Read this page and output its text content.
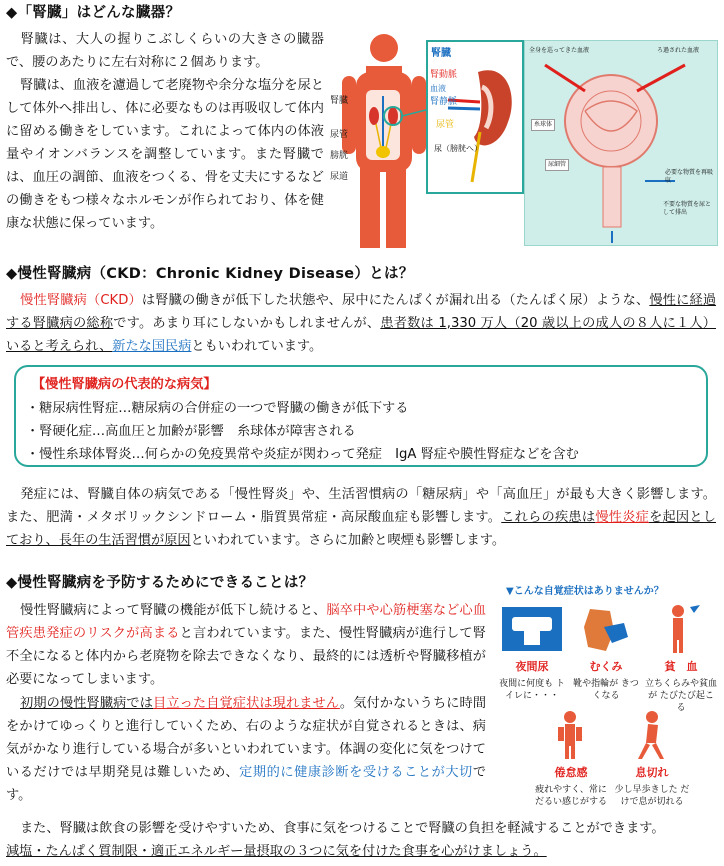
◆「腎臓」はどんな臓器？
腎臓は、大人の握りこぶしくらいの大きさの臓器で、腰のあたりに左右対称に２個あります。
腎臓は、血液を濾過して老廃物や余分な塩分を尿として体外へ排出し、体に必要なものは再吸収して体内に留める働きをしています。これによって体内の体液量やイオンバランスを調整しています。また腎臓では、血圧の調節、血液をつくる、骨を丈夫にするなどの働きをもつ様々なホルモンが作られており、体を健康な状態に保っています。
腎臓
尿管
膀胱
尿道
腎臓
腎動脈
血液
腎静脈
尿管
尿（膀胱へ）
全身を巡ってきた血液	ろ過された血液
糸球体
尿細管
必要な物質を再吸収
不要な物質を尿として排出
◆慢性腎臓病（CKD：Chronic Kidney Disease）とは？
慢性腎臓病（CKD）は腎臓の働きが低下した状態や、尿中にたんぱくが漏れ出る（たんぱく尿）ような、慢性に経過する腎臓病の総称です。あまり耳にしないかもしれませんが、患者数は 1,330 万人（20 歳以上の成人の８人に１人）いると考えられ、新たな国民病ともいわれています。
【慢性腎臓病の代表的な病気】
・糖尿病性腎症…糖尿病の合併症の一つで腎臓の働きが低下する
・腎硬化症…高血圧と加齢が影響　糸球体が障害される
・慢性糸球体腎炎…何らかの免疫異常や炎症が関わって発症　IgA 腎症や膜性腎症などを含む
発症には、腎臓自体の病気である「慢性腎炎」や、生活習慣病の「糖尿病」や「高血圧」が最も大きく影響します。また、肥満・メタボリックシンドローム・脂質異常症・高尿酸血症も影響します。これらの疾患は慢性炎症を起因としており、長年の生活習慣が原因といわれています。さらに加齢と喫煙も影響します。
◆慢性腎臓病を予防するためにできることは？
慢性腎臓病によって腎臓の機能が低下し続けると、脳卒中や心筋梗塞など心血管疾患発症のリスクが高まると言われています。また、慢性腎臓病が進行して腎不全になると体内から老廃物を除去できなくなり、最終的には透析や腎臓移植が必要になってしまいます。
初期の慢性腎臓病では目立った自覚症状は現れません。気付かないうちに時間をかけてゆっくりと進行していくため、右のような症状が自覚されるときは、病気がかなり進行している場合が多いといわれています。体調の変化に気をつけているだけでは早期発見は難しいため、定期的に健康診断を受けることが大切です。
また、腎臓は飲食の影響を受けやすいため、食事に気をつけることで腎臓の負担を軽減することができます。
減塩・たんぱく質制限・適正エネルギー量摂取の３つに気を付けた食事を心がけましょう。
▼こんな自覚症状はありませんか？
夜間尿
夜間に何度も トイレに・・・
むくみ
靴や指輪が きつくなる
貧　血
立ちくらみや貧血が たびたび起こる
倦怠感
疲れやすく、常に だるい感じがする
息切れ
少し早歩きした だけで息が切れる
